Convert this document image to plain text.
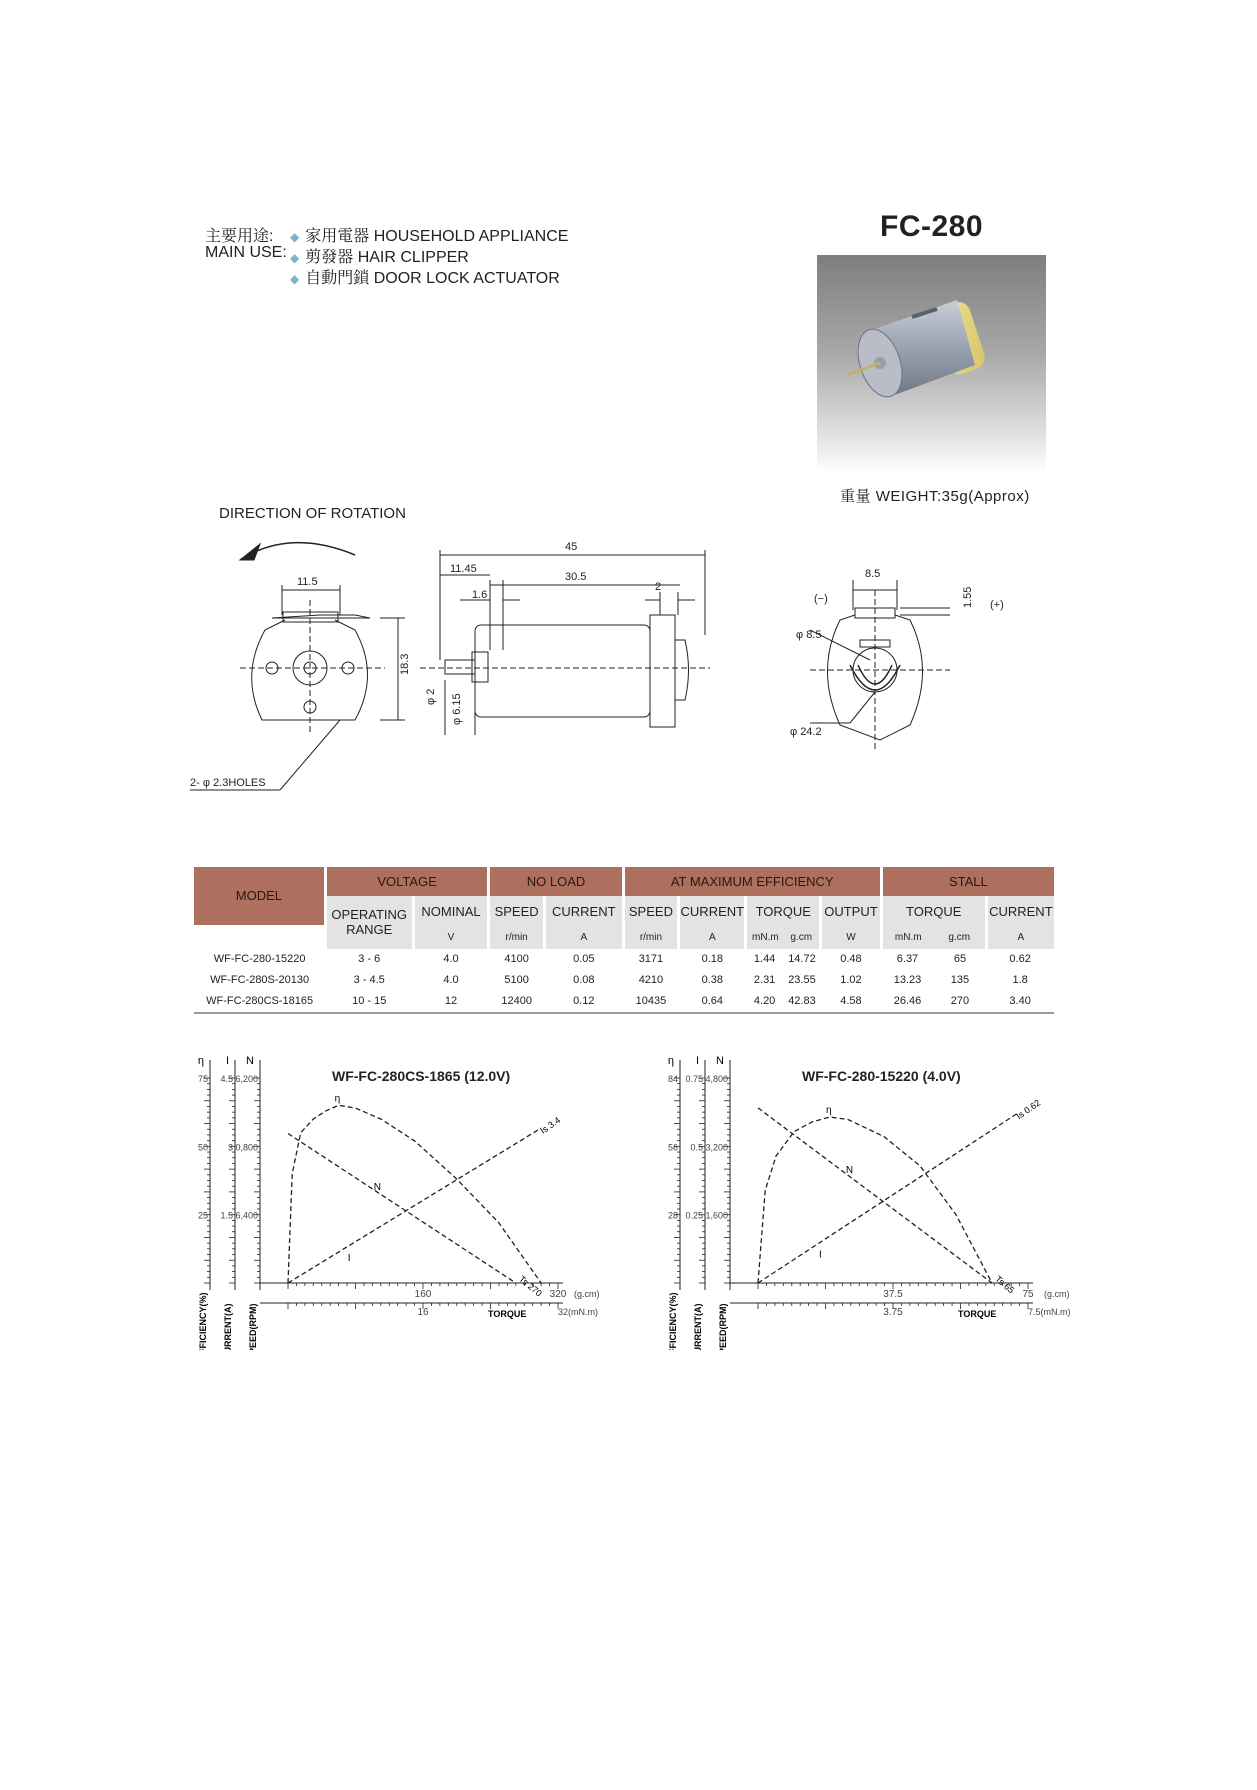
主要用途:
MAIN USE:
◆ 家用電器 HOUSEHOLD APPLIANCE
◆ 剪發器 HAIR CLIPPER
◆ 自動門鎖 DOOR LOCK ACTUATOR
FC-280
重量 WEIGHT:35g(Approx)
DIRECTION OF ROTATION
11.5
18.3
2- φ 2.3HOLES
45
11.45
30.5
1.6
2
φ 2 φ 6.15
8.5
1.55
(−)	(+)
φ 8.5
φ 24.2
MODEL	VOLTAGE		NO LOAD		AT MAXIMUM EFFICIENCY					STALL		
	OPERATING
RANGE	NOMINAL	SPEED	CURRENT	SPEED	CURRENT	TORQUE		OUTPUT	TORQUE		CURRENT
		V	r/min	A	r/min	A	mN.m	g.cm	W	mN.m	g.cm	A
WF-FC-280-15220	3 - 6	4.0	4100	0.05	3171	0.18	1.44	14.72	0.48	6.37	65	0.62
WF-FC-280S-20130	3 - 4.5	4.0	5100	0.08	4210	0.38	2.31	23.55	1.02	13.23	135	1.8
WF-FC-280CS-18165	10 - 15	12	12400	0.12	10435	0.64	4.20	42.83	4.58	26.46	270	3.40
WF-FC-280CS-1865 (12.0V)
η
75
50
25
EFFICIENCY(%)
I
4.5
3
1.5
CURRENT(A)
N
6,200
0,800
6,400
SPEED(RPM)
160	320 (g.cm)
16	32(mN.m)
TORQUE
η
N
I
Is 3.4
Ts 270
WF-FC-280-15220 (4.0V)
η
84
56
28
EFFICIENCY(%)
I
0.75
0.5
0.25
CURRENT(A)
N
4,800
3,200
1,600
SPEED(RPM)
37.5	75 (g.cm)
3.75	7.5(mN.m)
TORQUE
η
N
I
Is 0.62
Ts 65
